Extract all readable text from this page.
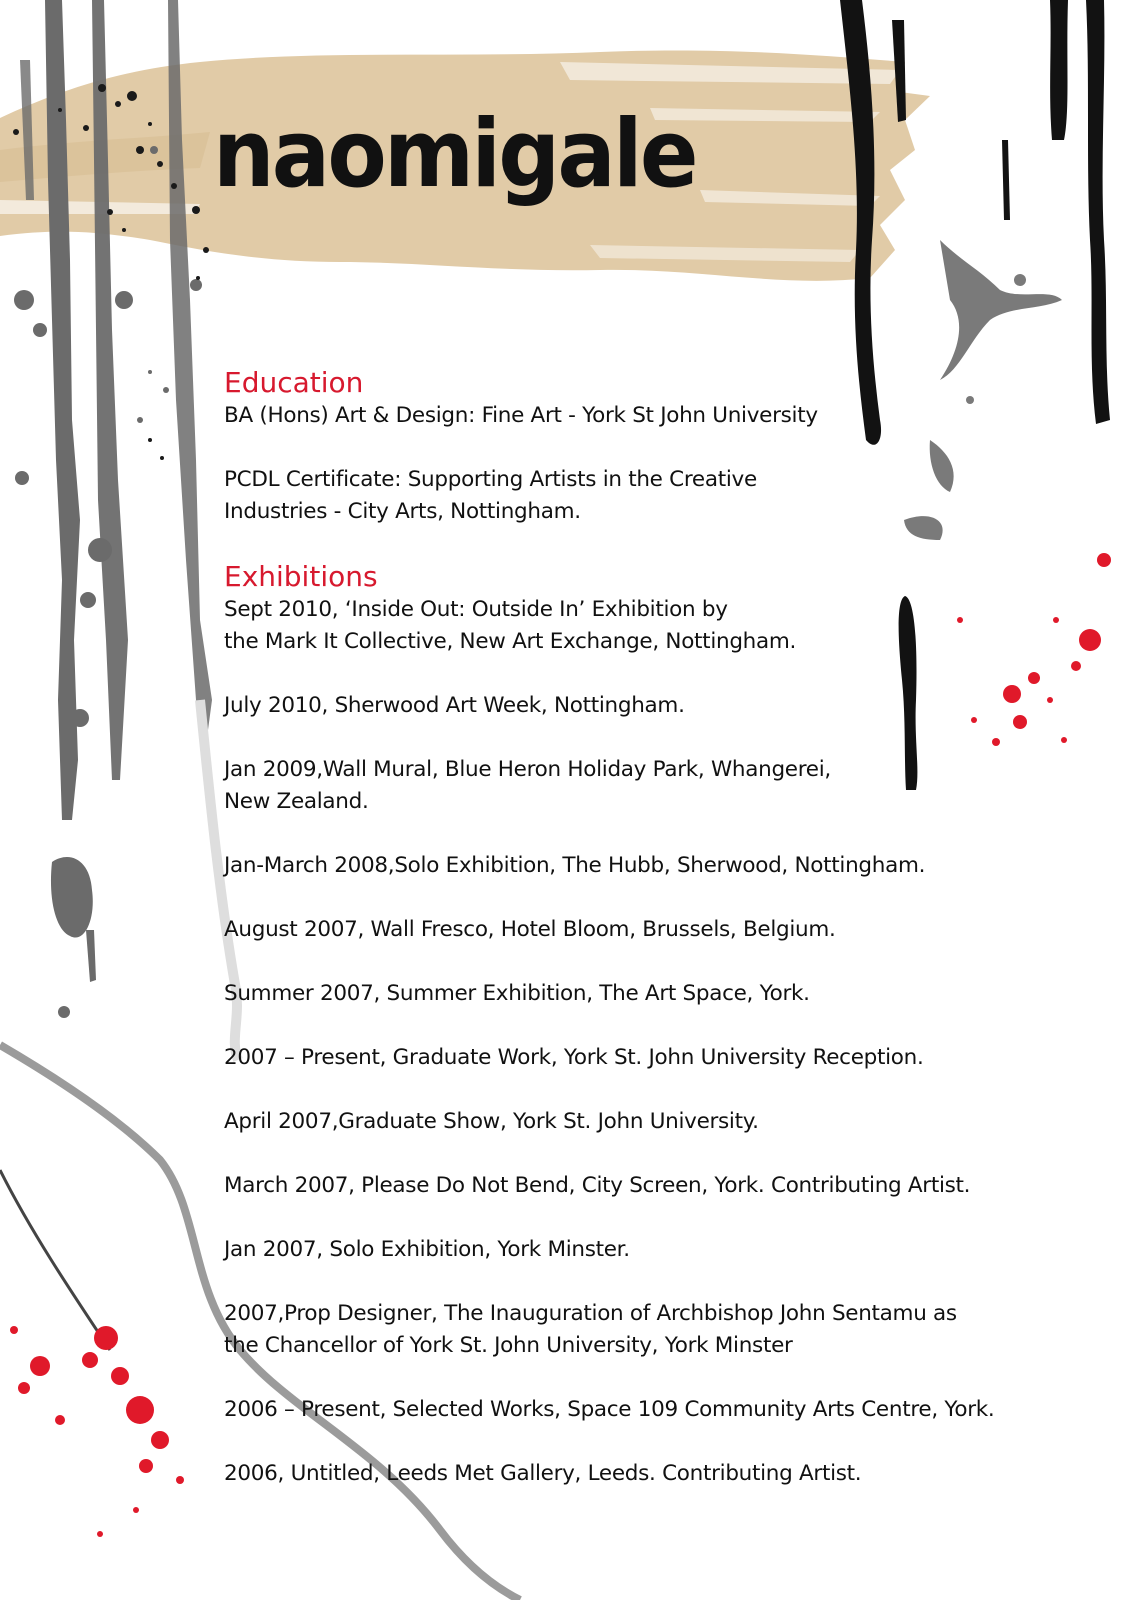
naomigale
Education

BA (Hons) Art & Design: Fine Art - York St John University

PCDL Certificate: Supporting Artists in the Creative
Industries - City Arts, Nottingham.

Exhibitions

Sept 2010, ‘Inside Out: Outside In’ Exhibition by
the Mark It Collective, New Art Exchange, Nottingham.

July 2010, Sherwood Art Week, Nottingham.

Jan 2009,Wall Mural, Blue Heron Holiday Park, Whangerei,
New Zealand.

Jan-March 2008,Solo Exhibition, The Hubb, Sherwood, Nottingham.

August 2007, Wall Fresco, Hotel Bloom, Brussels, Belgium.

Summer 2007, Summer Exhibition, The Art Space, York.

2007 – Present, Graduate Work, York St. John University Reception.

April 2007,Graduate Show, York St. John University.

March 2007, Please Do Not Bend, City Screen, York. Contributing Artist.

Jan 2007, Solo Exhibition, York Minster.

2007,Prop Designer, The Inauguration of Archbishop John Sentamu as
the Chancellor of York St. John University, York Minster

2006 – Present, Selected Works, Space 109 Community Arts Centre, York.

2006, Untitled, Leeds Met Gallery, Leeds. Contributing Artist.
